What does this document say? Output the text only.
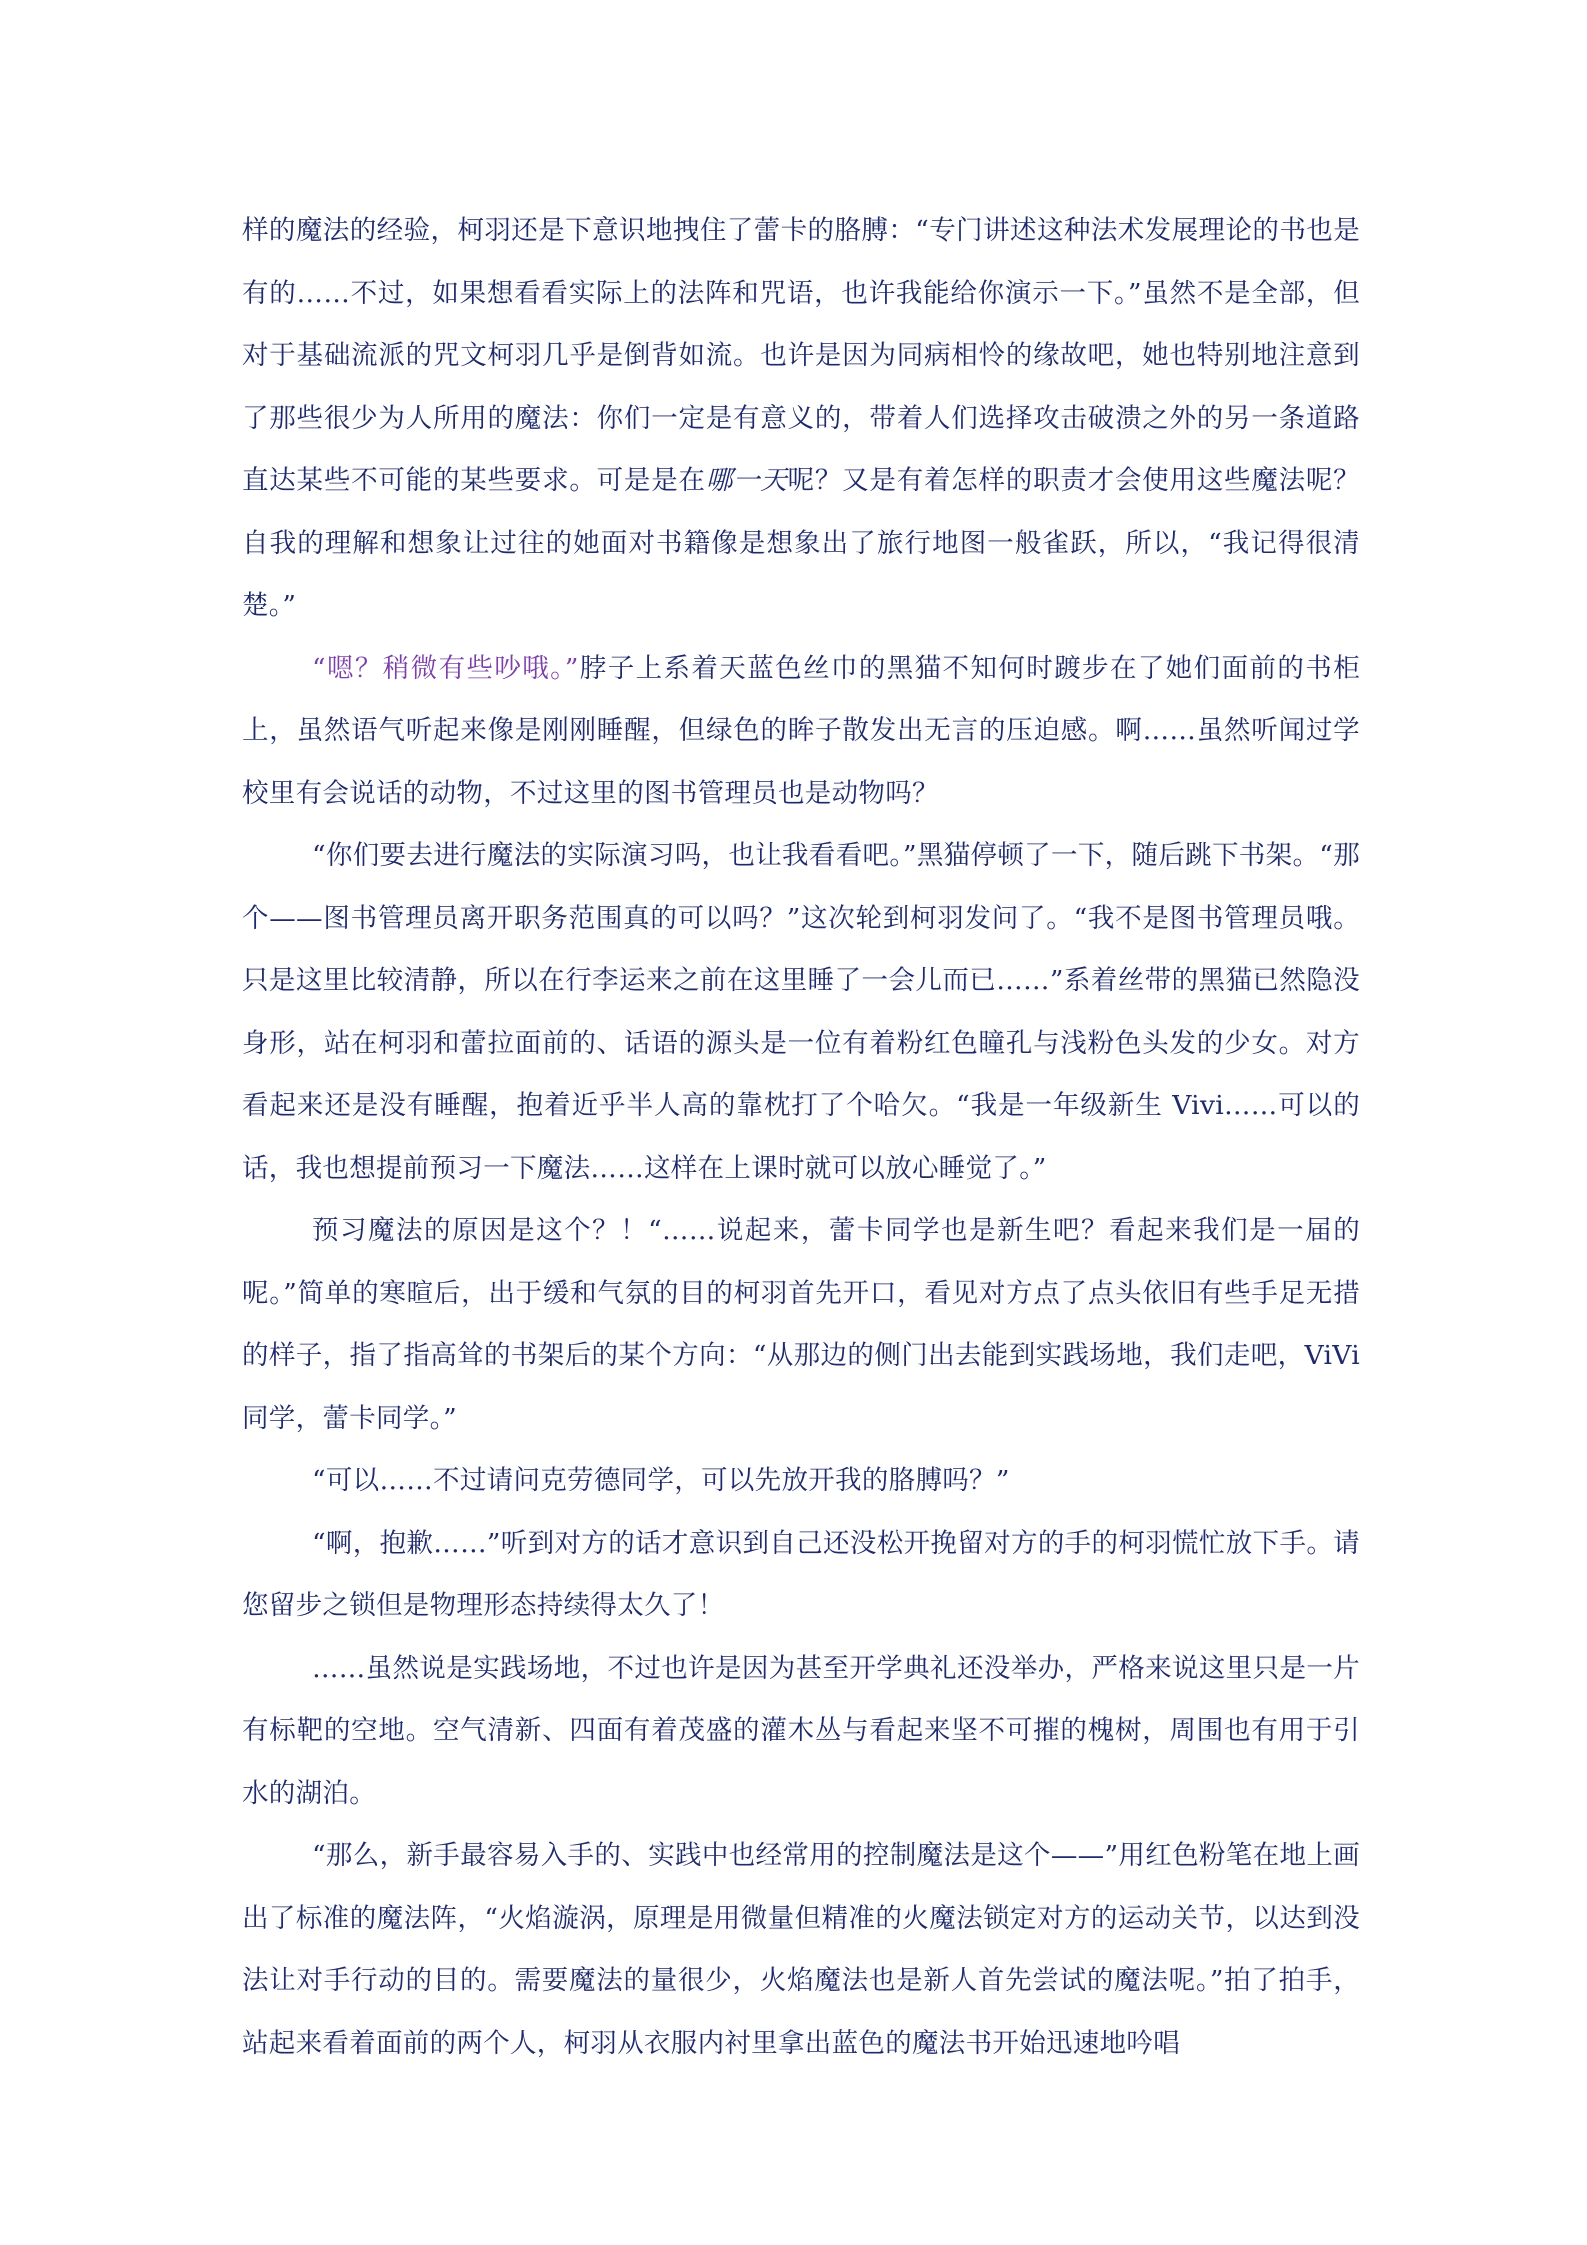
样的魔法的经验，柯羽还是下意识地拽住了蕾卡的胳膊：“专门讲述这种法术发展理论的书也是有的……不过，如果想看看实际上的法阵和咒语，也许我能给你演示一下。”虽然不是全部，但对于基础流派的咒文柯羽几乎是倒背如流。也许是因为同病相怜的缘故吧，她也特别地注意到了那些很少为人所用的魔法：你们一定是有意义的，带着人们选择攻击破溃之外的另一条道路直达某些不可能的某些要求。可是是在哪一天呢？又是有着怎样的职责才会使用这些魔法呢？自我的理解和想象让过往的她面对书籍像是想象出了旅行地图一般雀跃，所以，“我记得很清楚。”

“嗯？稍微有些吵哦。”脖子上系着天蓝色丝巾的黑猫不知何时踱步在了她们面前的书柜上，虽然语气听起来像是刚刚睡醒，但绿色的眸子散发出无言的压迫感。啊……虽然听闻过学校里有会说话的动物，不过这里的图书管理员也是动物吗？

“你们要去进行魔法的实际演习吗，也让我看看吧。”黑猫停顿了一下，随后跳下书架。“那个——图书管理员离开职务范围真的可以吗？”这次轮到柯羽发问了。“我不是图书管理员哦。只是这里比较清静，所以在行李运来之前在这里睡了一会儿而已……”系着丝带的黑猫已然隐没身形，站在柯羽和蕾拉面前的、话语的源头是一位有着粉红色瞳孔与浅粉色头发的少女。对方看起来还是没有睡醒，抱着近乎半人高的靠枕打了个哈欠。“我是一年级新生 Vivi……可以的话，我也想提前预习一下魔法……这样在上课时就可以放心睡觉了。”

预习魔法的原因是这个？！“……说起来，蕾卡同学也是新生吧？看起来我们是一届的呢。”简单的寒暄后，出于缓和气氛的目的柯羽首先开口，看见对方点了点头依旧有些手足无措的样子，指了指高耸的书架后的某个方向：“从那边的侧门出去能到实践场地，我们走吧，ViVi 同学，蕾卡同学。”

“可以……不过请问克劳德同学，可以先放开我的胳膊吗？”

“啊，抱歉……”听到对方的话才意识到自己还没松开挽留对方的手的柯羽慌忙放下手。请您留步之锁但是物理形态持续得太久了！

……虽然说是实践场地，不过也许是因为甚至开学典礼还没举办，严格来说这里只是一片有标靶的空地。空气清新、四面有着茂盛的灌木丛与看起来坚不可摧的槐树，周围也有用于引水的湖泊。

“那么，新手最容易入手的、实践中也经常用的控制魔法是这个——”用红色粉笔在地上画出了标准的魔法阵，“火焰漩涡，原理是用微量但精准的火魔法锁定对方的运动关节，以达到没法让对手行动的目的。需要魔法的量很少，火焰魔法也是新人首先尝试的魔法呢。”拍了拍手，站起来看着面前的两个人，柯羽从衣服内衬里拿出蓝色的魔法书开始迅速地吟唱
